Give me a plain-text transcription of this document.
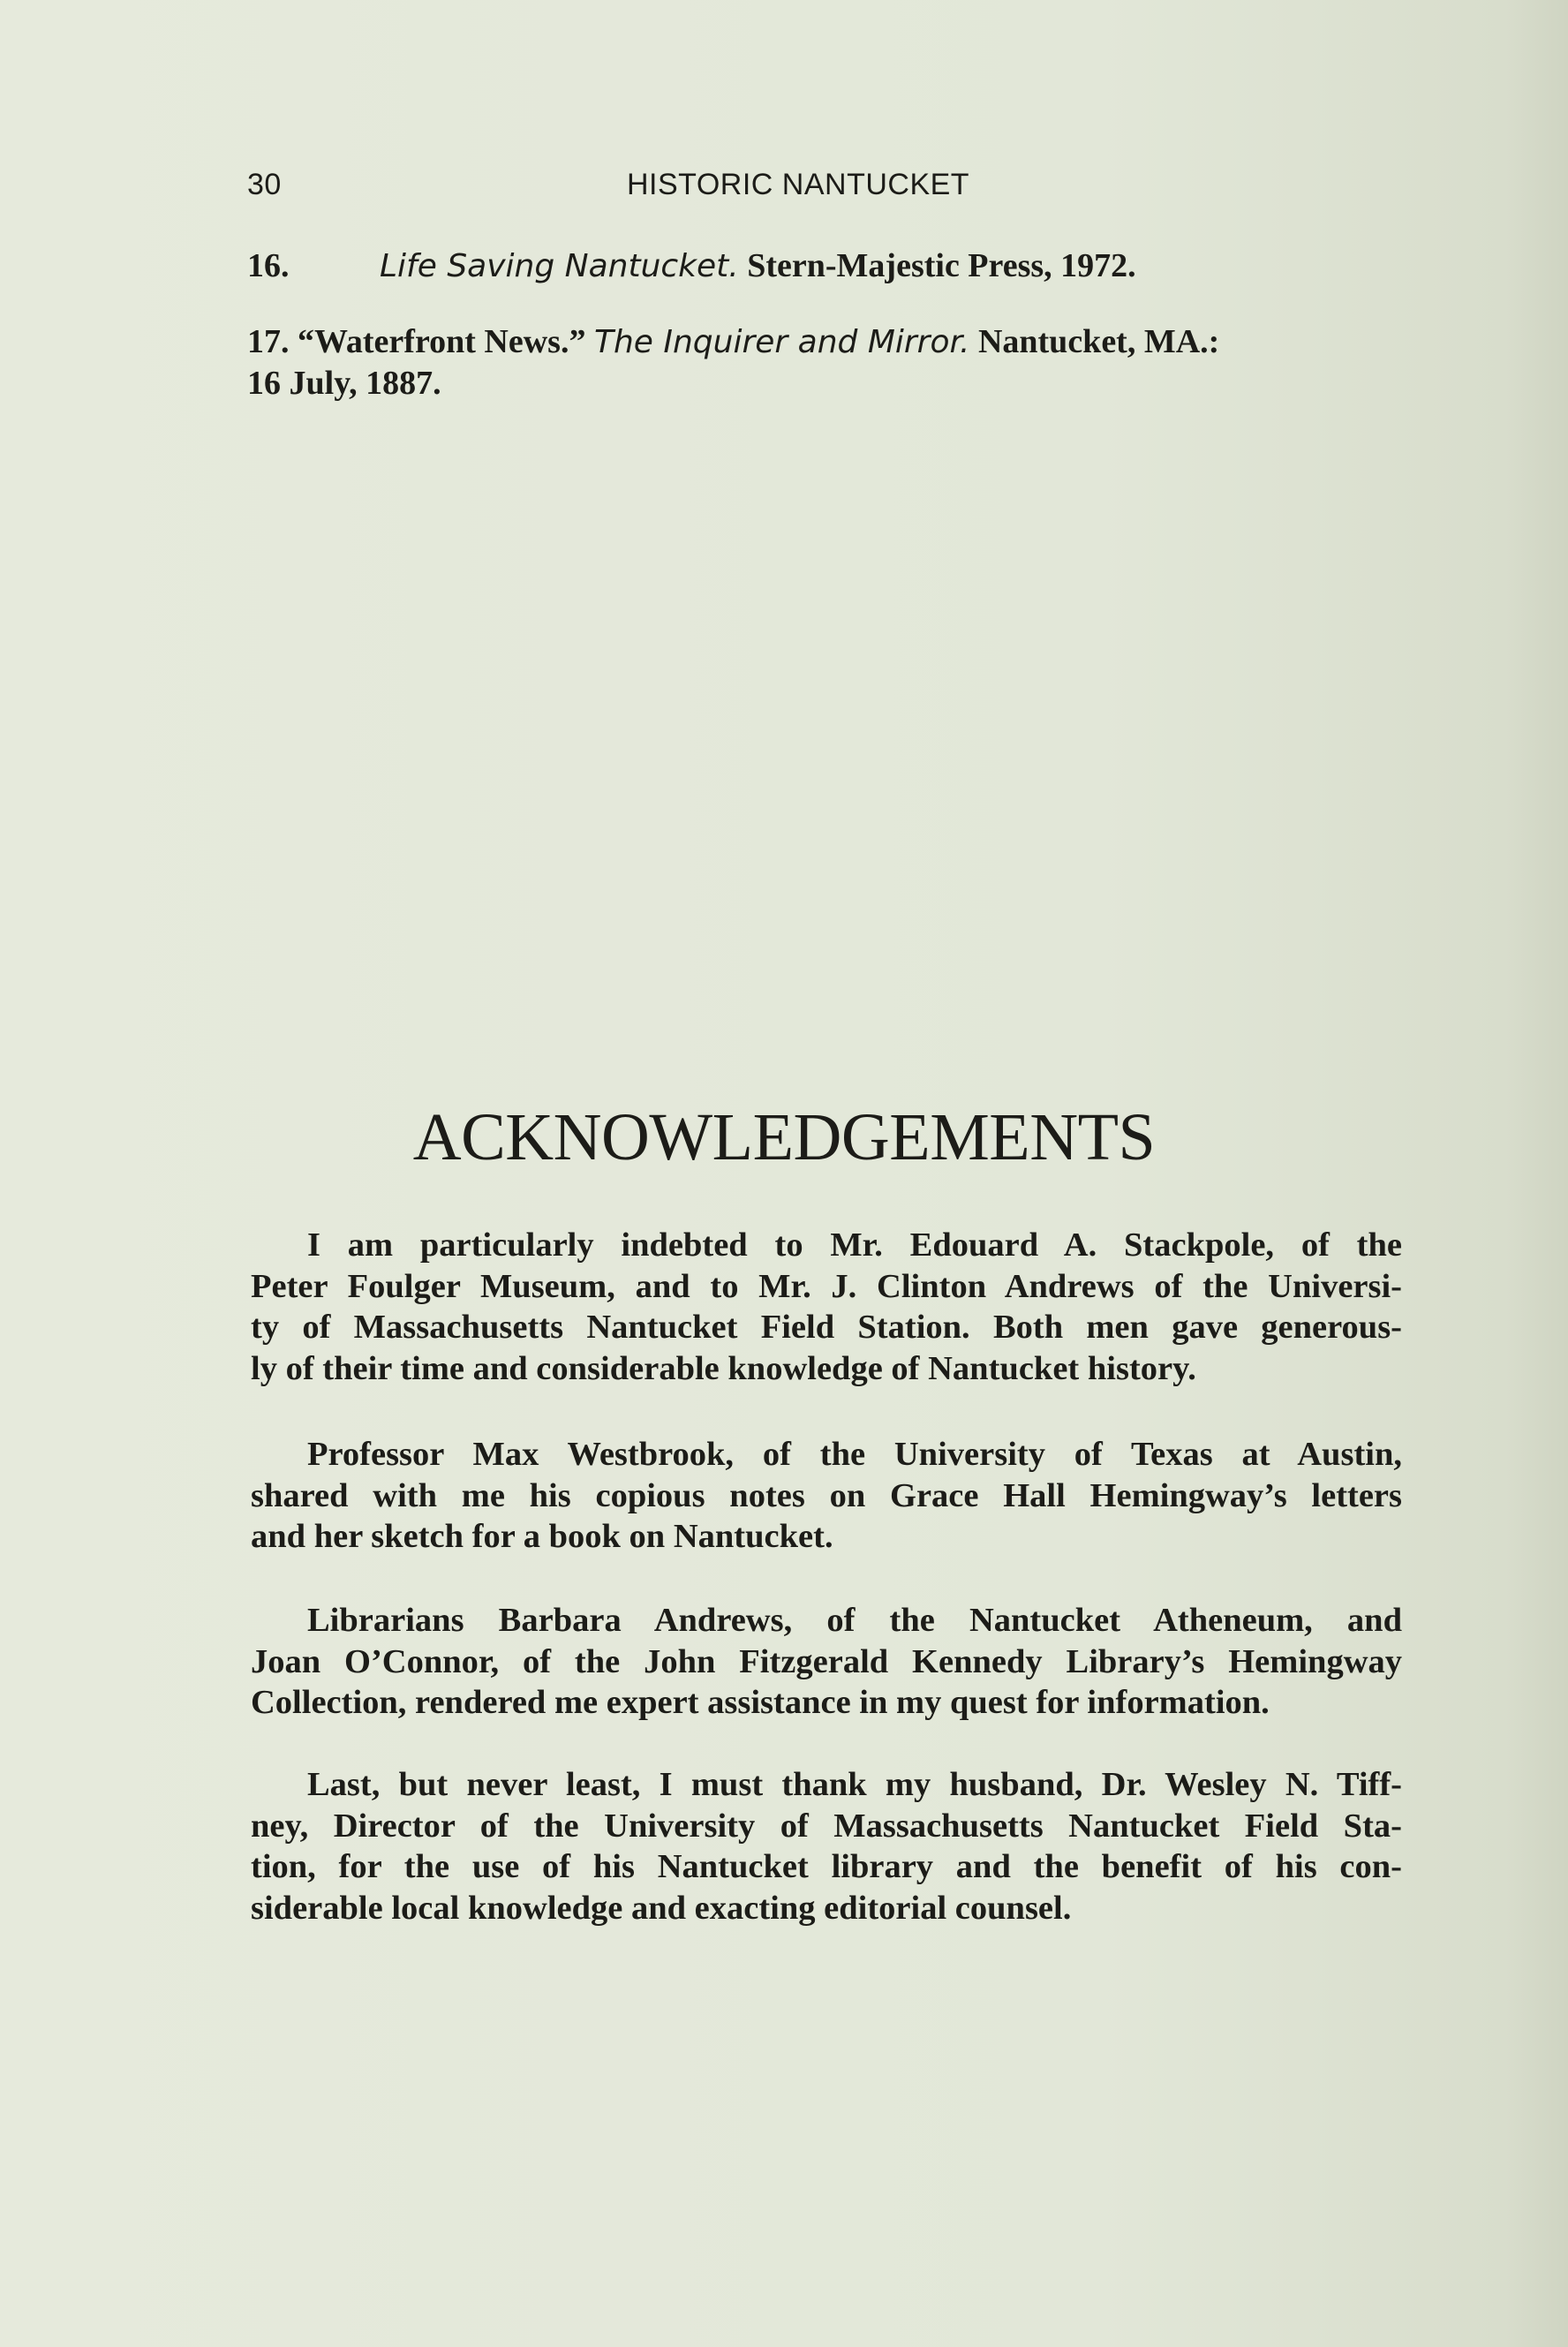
30	HISTORIC NANTUCKET
16.	Life Saving Nantucket. Stern-Majestic Press, 1972.
17. “Waterfront News.” The Inquirer and Mirror. Nantucket, MA.:
16 July, 1887.
ACKNOWLEDGEMENTS

I am particularly indebted to Mr. Edouard A. Stackpole, of the
Peter Foulger Museum, and to Mr. J. Clinton Andrews of the Universi-
ty of Massachusetts Nantucket Field Station. Both men gave generous-
ly of their time and considerable knowledge of Nantucket history.

Professor Max Westbrook, of the University of Texas at Austin,
shared with me his copious notes on Grace Hall Hemingway’s letters
and her sketch for a book on Nantucket.

Librarians Barbara Andrews, of the Nantucket Atheneum, and
Joan O’Connor, of the John Fitzgerald Kennedy Library’s Hemingway
Collection, rendered me expert assistance in my quest for information.

Last, but never least, I must thank my husband, Dr. Wesley N. Tiff-
ney, Director of the University of Massachusetts Nantucket Field Sta-
tion, for the use of his Nantucket library and the benefit of his con-
siderable local knowledge and exacting editorial counsel.
